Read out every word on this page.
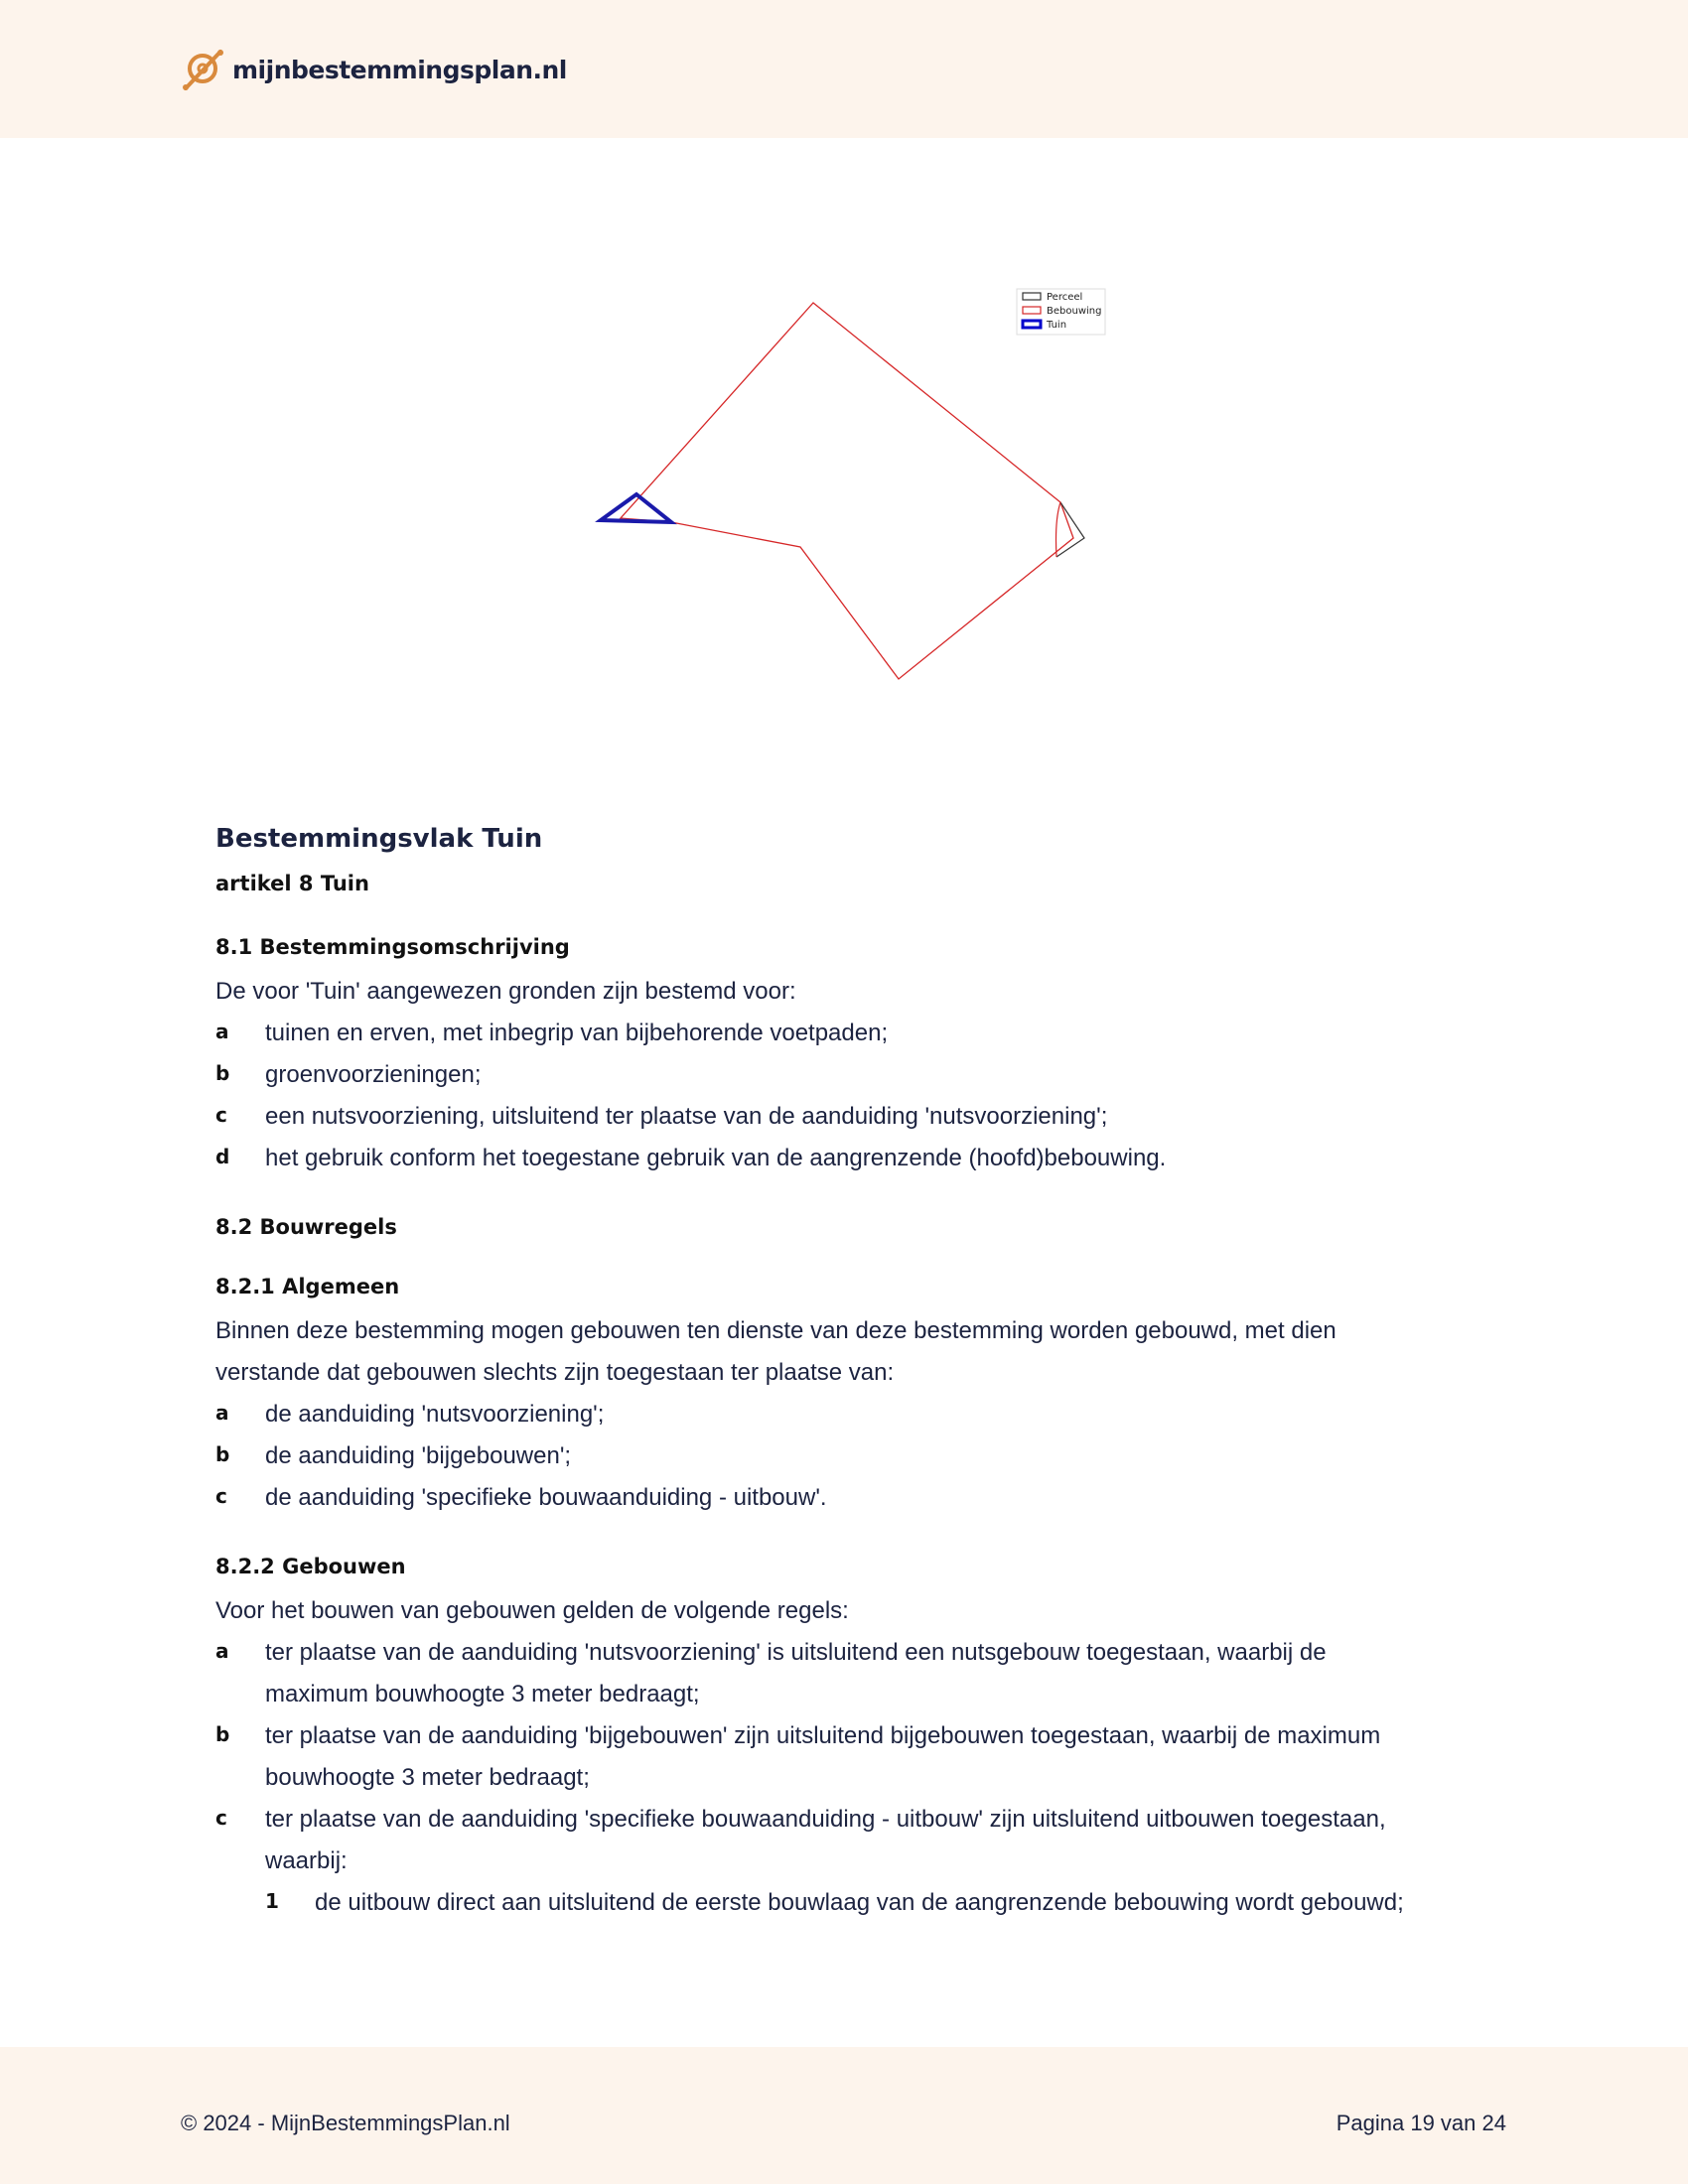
mijnbestemmingsplan.nl
Perceel
Bebouwing
Tuin
Bestemmingsvlak Tuin
artikel 8 Tuin
8.1 Bestemmingsomschrijving

De voor 'Tuin' aangewezen gronden zijn bestemd voor:

a	tuinen en erven, met inbegrip van bijbehorende voetpaden;
b	groenvoorzieningen;
c	een nutsvoorziening, uitsluitend ter plaatse van de aanduiding 'nutsvoorziening';
d	het gebruik conform het toegestane gebruik van de aangrenzende (hoofd)bebouwing.
8.2 Bouwregels
8.2.1 Algemeen

Binnen deze bestemming mogen gebouwen ten dienste van deze bestemming worden gebouwd, met dien

verstande dat gebouwen slechts zijn toegestaan ter plaatse van:

a	de aanduiding 'nutsvoorziening';
b	de aanduiding 'bijgebouwen';
c	de aanduiding 'specifieke bouwaanduiding - uitbouw'.
8.2.2 Gebouwen

Voor het bouwen van gebouwen gelden de volgende regels:

a	ter plaatse van de aanduiding 'nutsvoorziening' is uitsluitend een nutsgebouw toegestaan, waarbij de
maximum bouwhoogte 3 meter bedraagt;
b	ter plaatse van de aanduiding 'bijgebouwen' zijn uitsluitend bijgebouwen toegestaan, waarbij de maximum
bouwhoogte 3 meter bedraagt;
c	ter plaatse van de aanduiding 'specifieke bouwaanduiding - uitbouw' zijn uitsluitend uitbouwen toegestaan,
waarbij:
1	de uitbouw direct aan uitsluitend de eerste bouwlaag van de aangrenzende bebouwing wordt gebouwd;
© 2024 - MijnBestemmingsPlan.nl	Pagina 19 van 24
